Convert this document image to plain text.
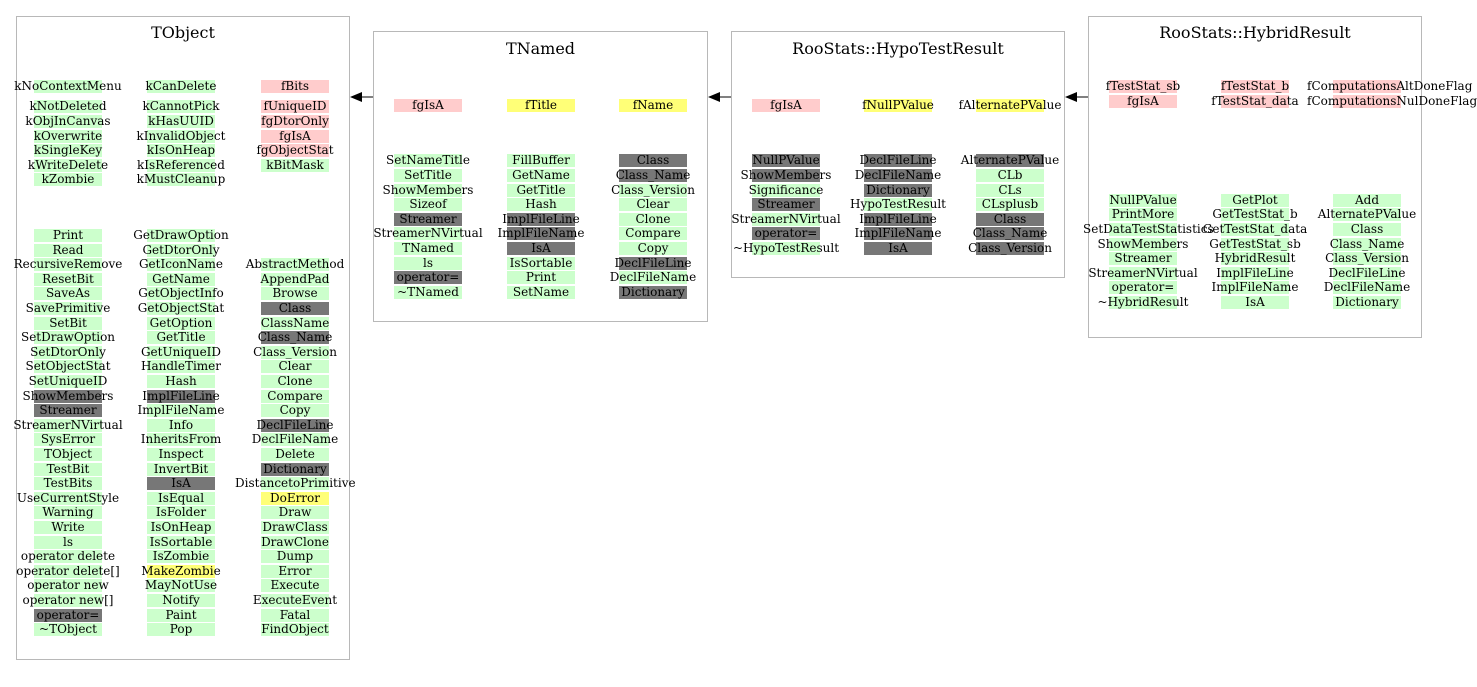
TObject
TNamed	RooStats::HypoTestResult
RooStats::HybridResult
kNoContextMenu	kCanDelete	fBits
kNotDeleted
kObjInCanvas
kOverwrite
kSingleKey
kWriteDelete
kZombie
kCannotPick
kHasUUID
kInvalidObject
kIsOnHeap
kIsReferenced
kMustCleanup
fUniqueID
fgDtorOnly
fgIsA
fgObjectStat
kBitMask
Print
Read
RecursiveRemove
ResetBit
SaveAs
SavePrimitive
SetBit
SetDrawOption
SetDtorOnly
SetObjectStat
SetUniqueID
ShowMembers
Streamer
StreamerNVirtual
SysError
TObject
TestBit
TestBits
UseCurrentStyle
Warning
Write
ls
operator delete
operator delete[]
operator new
operator new[]
operator=
~TObject
GetDrawOption
GetDtorOnly
GetIconName
GetName
GetObjectInfo
GetObjectStat
GetOption
GetTitle
GetUniqueID
HandleTimer
Hash
ImplFileLine
ImplFileName
Info
InheritsFrom
Inspect
InvertBit
IsA
IsEqual
IsFolder
IsOnHeap
IsSortable
IsZombie
MakeZombie
MayNotUse
Notify
Paint
Pop
AbstractMethod
AppendPad
Browse
Class
ClassName
Class_Name
Class_Version
Clear
Clone
Compare
Copy
DeclFileLine
DeclFileName
Delete
Dictionary
DistancetoPrimitive
DoError
Draw
DrawClass
DrawClone
Dump
Error
Execute
ExecuteEvent
Fatal
FindObject
fgIsA	fTitle	fName
SetNameTitle
SetTitle
ShowMembers
Sizeof
Streamer
StreamerNVirtual
TNamed
ls
operator=
~TNamed
FillBuffer
GetName
GetTitle
Hash
ImplFileLine
ImplFileName
IsA
IsSortable
Print
SetName
Class
Class_Name
Class_Version
Clear
Clone
Compare
Copy
DeclFileLine
DeclFileName
Dictionary
fgIsA	fNullPValue	fAlternatePValue
NullPValue
ShowMembers
Significance
Streamer
StreamerNVirtual
operator=
~HypoTestResult
DeclFileLine
DeclFileName
Dictionary
HypoTestResult
ImplFileLine
ImplFileName
IsA
AlternatePValue
CLb
CLs
CLsplusb
Class
Class_Name
Class_Version
fTestStat_sb
fgIsA
fTestStat_b
fTestStat_data
fComputationsAltDoneFlag
fComputationsNulDoneFlag
NullPValue
PrintMore
SetDataTestStatistics
ShowMembers
Streamer
StreamerNVirtual
operator=
~HybridResult
GetPlot
GetTestStat_b
GetTestStat_data
GetTestStat_sb
HybridResult
ImplFileLine
ImplFileName
IsA
Add
AlternatePValue
Class
Class_Name
Class_Version
DeclFileLine
DeclFileName
Dictionary
